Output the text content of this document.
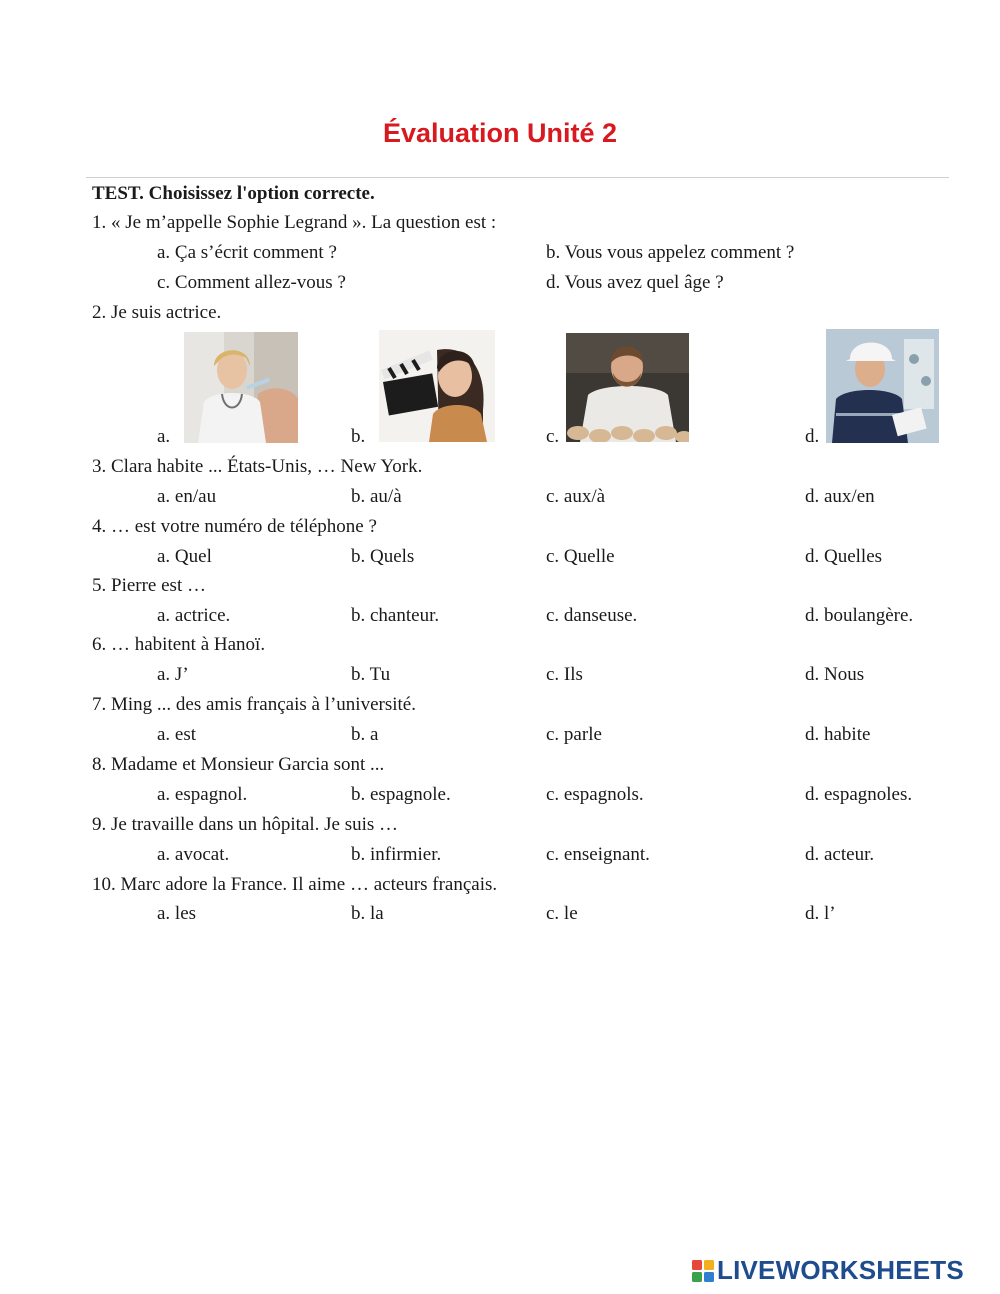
Évaluation Unité 2
TEST. Choisissez l'option correcte.
1. « Je m’appelle Sophie Legrand ». La question est :
a. Ça s’écrit comment ?	b. Vous vous appelez comment ?
c. Comment allez-vous ?	d. Vous avez quel âge ?
2. Je suis actrice.
a.	b.	c.	d.
3. Clara habite ... États-Unis, … New York.
a. en/au	b. au/à	c. aux/à	d. aux/en
4. … est votre numéro de téléphone ?
a. Quel	b. Quels	c. Quelle	d. Quelles
5. Pierre est …
a. actrice.	b. chanteur.	c. danseuse.	d. boulangère.
6. … habitent à Hanoï.
a. J’	b. Tu	c. Ils	d. Nous
7. Ming ... des amis français à l’université.
a. est	b. a	c. parle	d. habite
8. Madame et Monsieur Garcia sont ...
a. espagnol.	b. espagnole.	c. espagnols.	d. espagnoles.
9. Je travaille dans un hôpital. Je suis …
a. avocat.	b. infirmier.	c. enseignant.	d. acteur.
10. Marc adore la France. Il aime … acteurs français.
a. les	b. la	c. le	d. l’
LIVEWORKSHEETS
